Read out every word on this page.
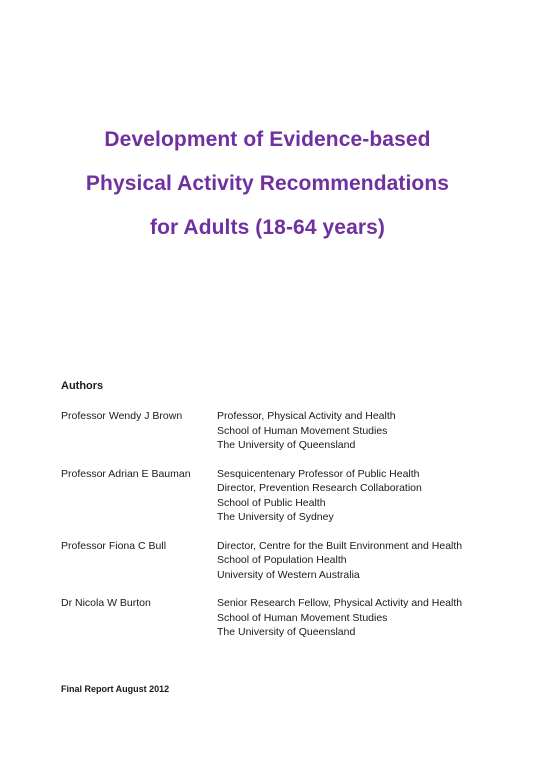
Development of Evidence-based
Physical Activity Recommendations
for Adults (18-64 years)

Authors

Professor Wendy J Brown	Professor, Physical Activity and Health
School of Human Movement Studies
The University of Queensland
Professor Adrian E Bauman	Sesquicentenary Professor of Public Health
Director, Prevention Research Collaboration
School of Public Health
The University of Sydney
Professor Fiona C Bull	Director, Centre for the Built Environment and Health
School of Population Health
University of Western Australia
Dr Nicola W Burton	Senior Research Fellow, Physical Activity and Health
School of Human Movement Studies
The University of Queensland

Final Report August 2012
